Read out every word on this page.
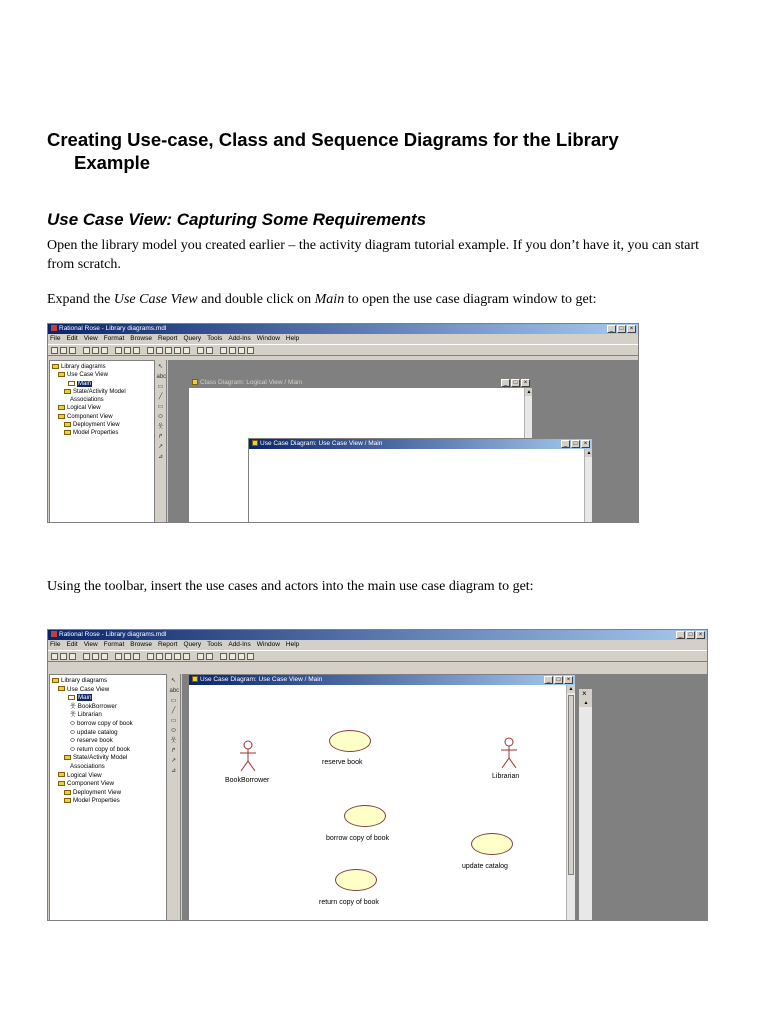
Creating Use-case, Class and Sequence Diagrams for the Library
Example
Use Case View: Capturing Some Requirements
Open the library model you created earlier – the activity diagram tutorial example. If you don’t have it, you can start from scratch.
Expand the Use Case View and double click on Main to open the use case diagram window to get:
Using the toolbar, insert the use cases and actors into the main use case diagram to get:
Rational Rose - Library diagrams.mdl	_	□	×
File Edit View Format Browse Report Query Tools Add-Ins Window Help
Library diagrams
Use Case View
Main
State/Activity Model
Associations
Logical View
Component View
Deployment View
Model Properties
↖
abc
▭
╱
▭
⬭
웃
↱
↗
⊿
Class Diagram: Logical View / Main	_	□	×
▲
Use Case Diagram: Use Case View / Main	_	□	×
▲
Rational Rose - Library diagrams.mdl	_	□	×
File Edit View Format Browse Report Query Tools Add-Ins Window Help
Library diagrams
Use Case View
Main
웃 BookBorrower
웃 Librarian
⬭ borrow copy of book
⬭ update catalog
⬭ reserve book
⬭ return copy of book
State/Activity Model
Associations
Logical View
Component View
Deployment View
Model Properties
↖
abc
▭
╱
▭
⬭
웃
↱
↗
⊿
Use Case Diagram: Use Case View / Main	_	□	×
▲
BookBorrower
Librarian
reserve book
borrow copy of book
update catalog
return copy of book
×
▲
